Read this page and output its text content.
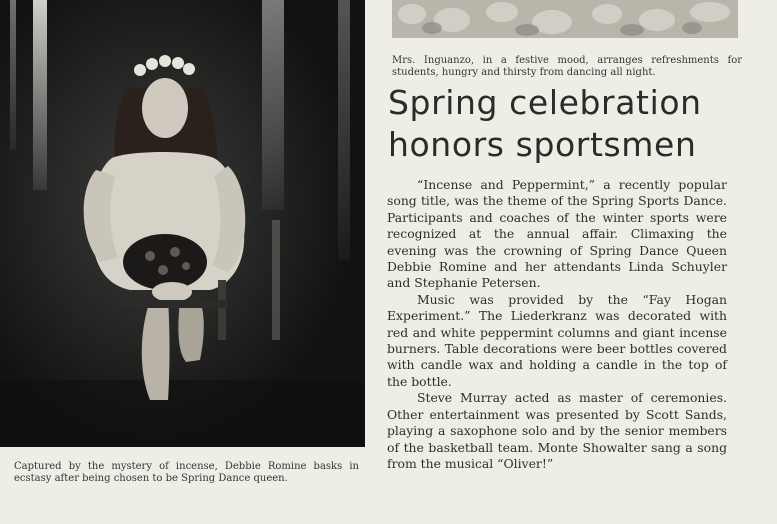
Mrs. Inguanzo, in a festive mood, arranges refreshments for students, hungry and thirsty from dancing all night.
Spring celebration
honors sportsmen

“Incense and Peppermint,” a recently popular song title, was the theme of the Spring Sports Dance. Participants and coaches of the winter sports were recognized at the annual affair. Climaxing the evening was the crowning of Spring Dance Queen Debbie Romine and her attendants Linda Schuyler and Stephanie Petersen.

Music was provided by the “Fay Hogan Experiment.” The Liederkranz was decorated with red and white peppermint columns and giant incense burners. Table decorations were beer bottles covered with candle wax and holding a candle in the top of the bottle.

Steve Murray acted as master of ceremonies. Other entertainment was presented by Scott Sands, playing a saxophone solo and by the senior members of the basketball team. Monte Showalter sang a song from the musical “Oliver!”

Captured by the mystery of incense, Debbie Romine basks in ecstasy after being chosen to be Spring Dance queen.
